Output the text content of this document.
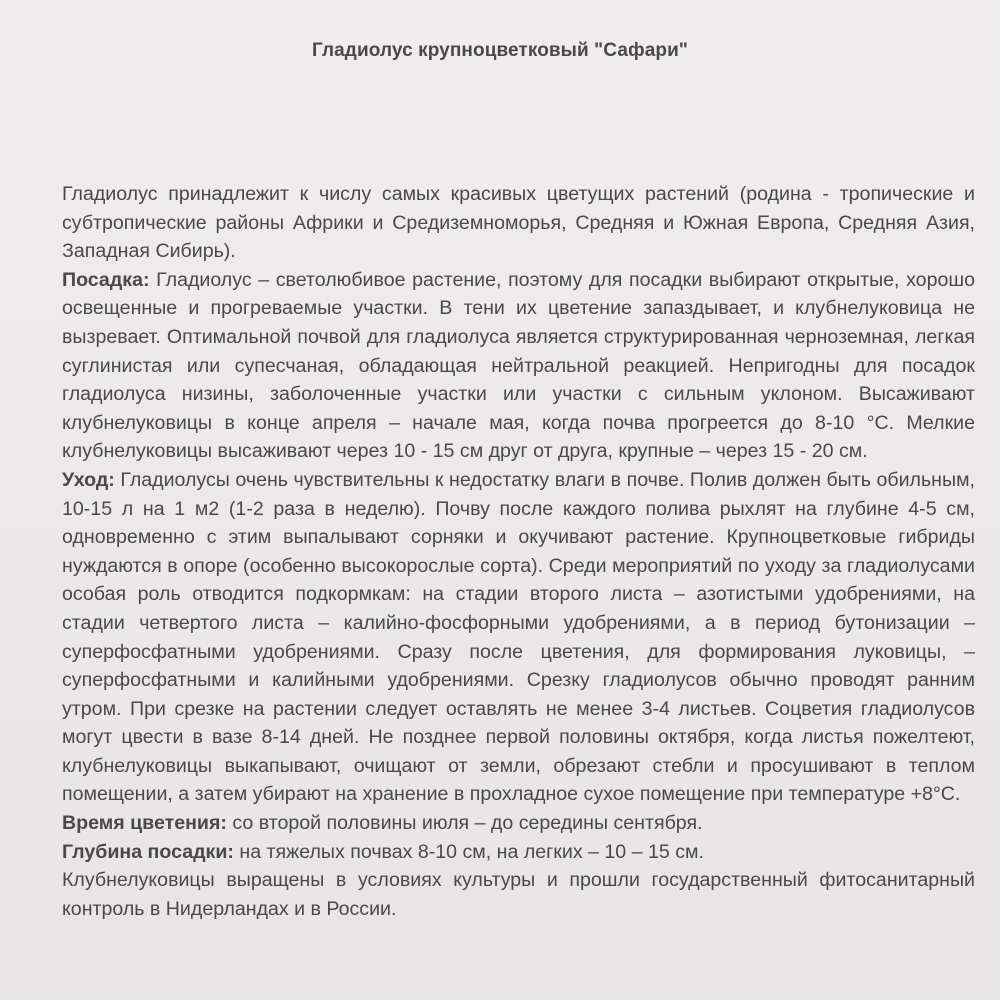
Гладиолус крупноцветковый "Сафари"

Гладиолус принадлежит к числу самых красивых цветущих растений (родина - тропические и субтропические районы Африки и Средиземноморья, Средняя и Южная Европа, Средняя Азия, Западная Сибирь).

Посадка: Гладиолус – светолюбивое растение, поэтому для посадки выбирают открытые, хорошо освещенные и прогреваемые участки. В тени их цветение запаздывает, и клубнелуковица не вызревает. Оптимальной почвой для гладиолуса является структурированная черноземная, легкая суглинистая или супесчаная, обладающая нейтральной реакцией. Непригодны для посадок гладиолуса низины, заболоченные участки или участки с сильным уклоном. Высаживают клубнелуковицы в конце апреля – начале мая, когда почва прогреется до 8-10 °С. Мелкие клубнелуковицы высаживают через 10 - 15 см друг от друга, крупные – через 15 - 20 см.

Уход: Гладиолусы очень чувствительны к недостатку влаги в почве. Полив должен быть обильным, 10-15 л на 1 м2 (1-2 раза в неделю). Почву после каждого полива рыхлят на глубине 4-5 см, одновременно с этим выпалывают сорняки и окучивают растение. Крупноцветковые гибриды нуждаются в опоре (особенно высокорослые сорта). Среди мероприятий по уходу за гладиолусами особая роль отводится подкормкам: на стадии второго листа – азотистыми удобрениями, на стадии четвертого листа – калийно-фосфорными удобрениями, а в период бутонизации – суперфосфатными удобрениями. Сразу после цветения, для формирования луковицы, – суперфосфатными и калийными удобрениями. Срезку гладиолусов обычно проводят ранним утром. При срезке на растении следует оставлять не менее 3-4 листьев. Соцветия гладиолусов могут цвести в вазе 8-14 дней. Не позднее первой половины октября, когда листья пожелтеют, клубнелуковицы выкапывают, очищают от земли, обрезают стебли и просушивают в теплом помещении, а затем убирают на хранение в прохладное сухое помещение при температуре +8°С.

Время цветения: со второй половины июля – до середины сентября.

Глубина посадки: на тяжелых почвах 8-10 см, на легких – 10 – 15 см.

Клубнелуковицы выращены в условиях культуры и прошли государственный фитосанитарный контроль в Нидерландах и в России.
